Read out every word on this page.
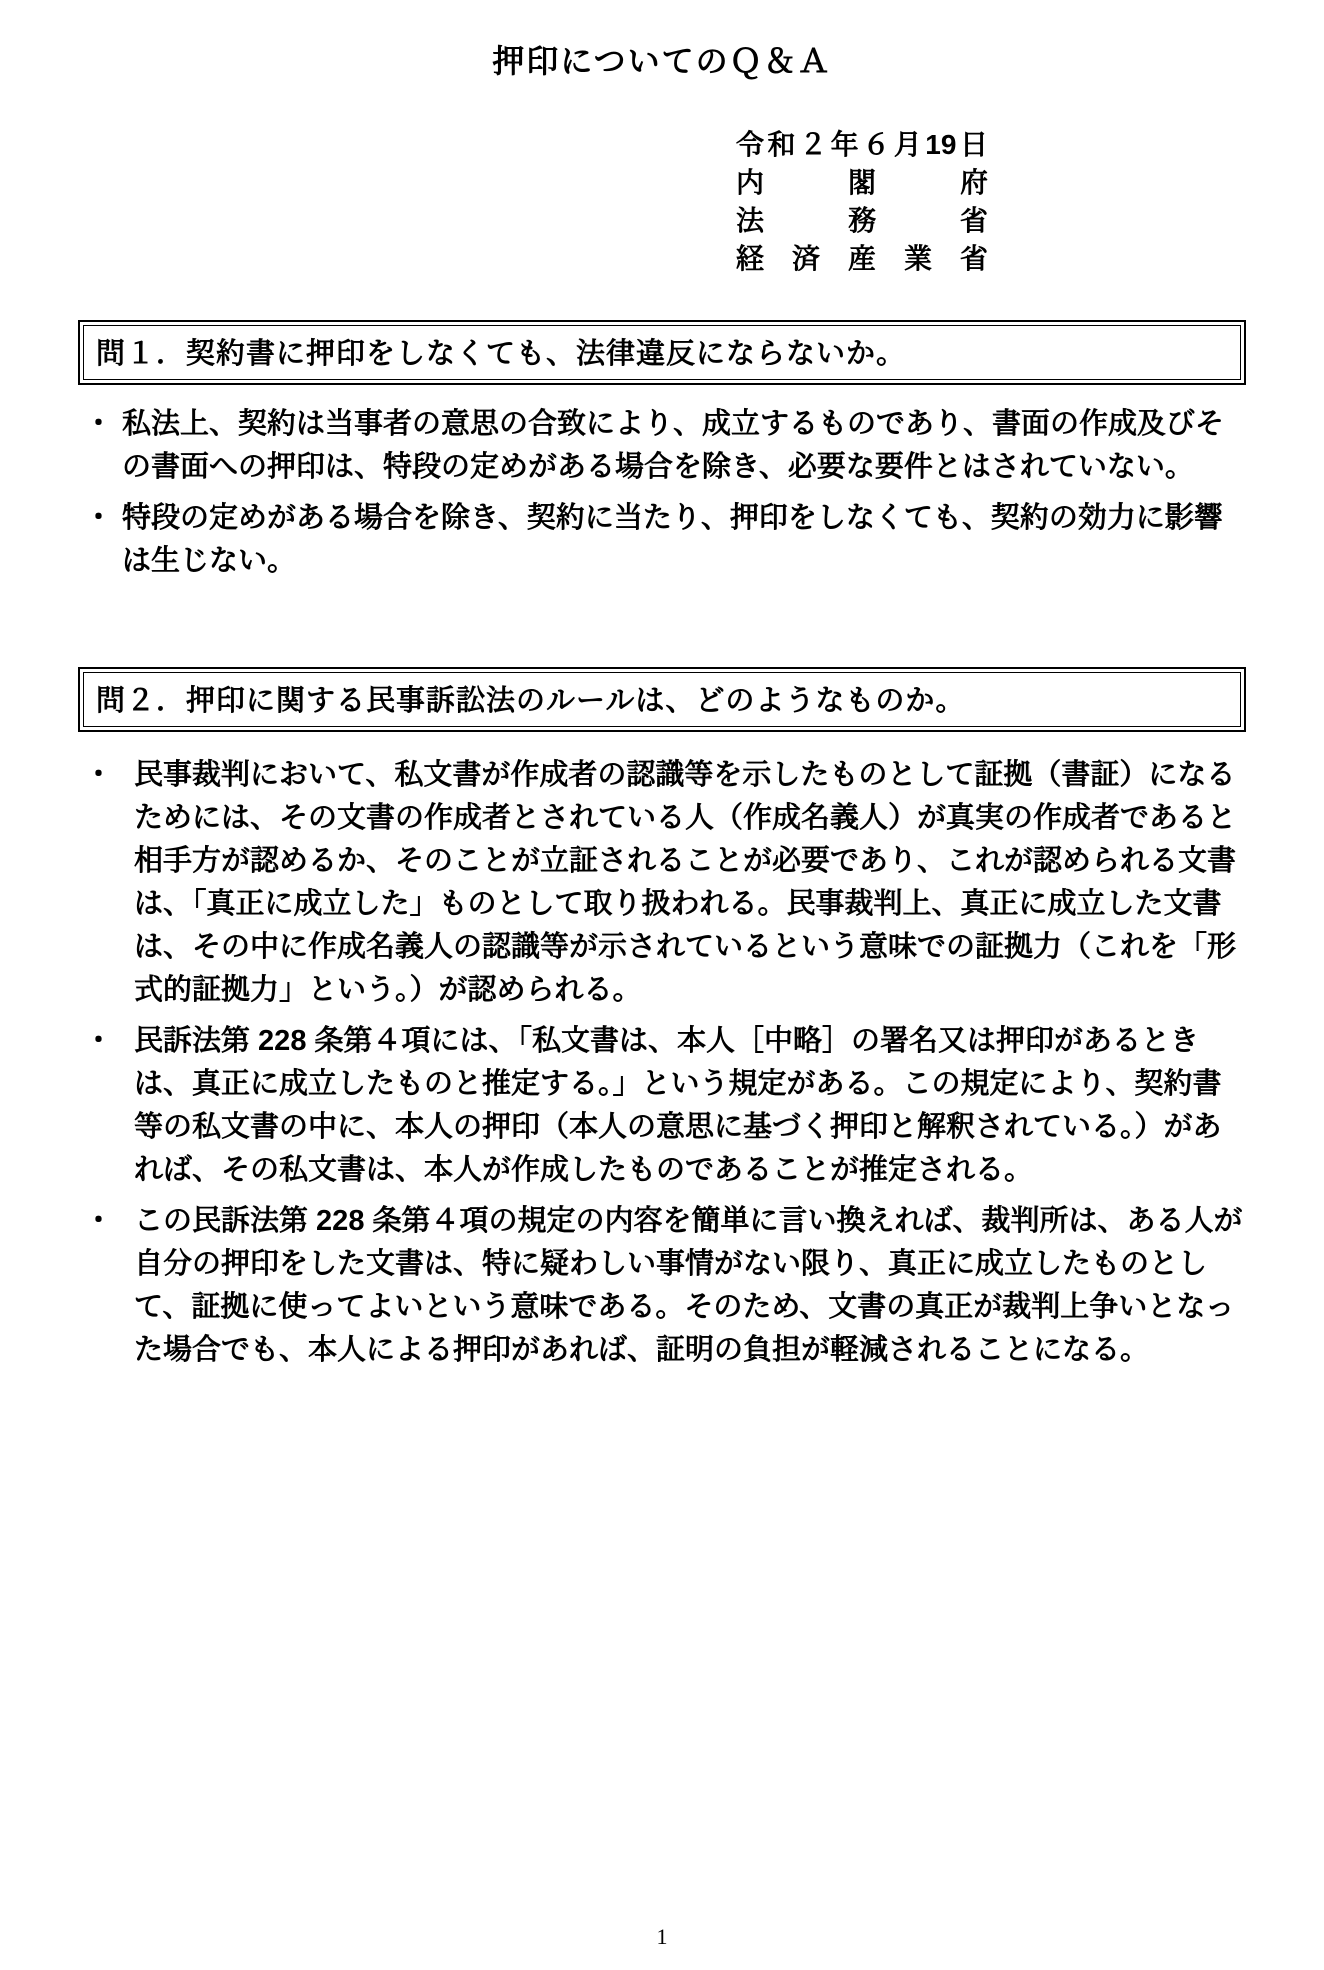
押印についてのＱ＆Ａ
令和２年６月19日
内閣府
法務省
経済産業省
問１．契約書に押印をしなくても、法律違反にならないか。
・ 私法上、契約は当事者の意思の合致により、成立するものであり、書面の作成及びその書面への押印は、特段の定めがある場合を除き、必要な要件とはされていない。
・ 特段の定めがある場合を除き、契約に当たり、押印をしなくても、契約の効力に影響は生じない。
問２．押印に関する民事訴訟法のルールは、どのようなものか。
・ 民事裁判において、私文書が作成者の認識等を示したものとして証拠（書証）になるためには、その文書の作成者とされている人（作成名義人）が真実の作成者であると相手方が認めるか、そのことが立証されることが必要であり、これが認められる文書は、「真正に成立した」ものとして取り扱われる。民事裁判上、真正に成立した文書は、その中に作成名義人の認識等が示されているという意味での証拠力（これを「形式的証拠力」という。）が認められる。
・ 民訴法第 228 条第４項には、「私文書は、本人［中略］の署名又は押印があるときは、真正に成立したものと推定する。」という規定がある。この規定により、契約書等の私文書の中に、本人の押印（本人の意思に基づく押印と解釈されている。）があれば、その私文書は、本人が作成したものであることが推定される。
・ この民訴法第 228 条第４項の規定の内容を簡単に言い換えれば、裁判所は、ある人が自分の押印をした文書は、特に疑わしい事情がない限り、真正に成立したものとして、証拠に使ってよいという意味である。そのため、文書の真正が裁判上争いとなった場合でも、本人による押印があれば、証明の負担が軽減されることになる。
1
